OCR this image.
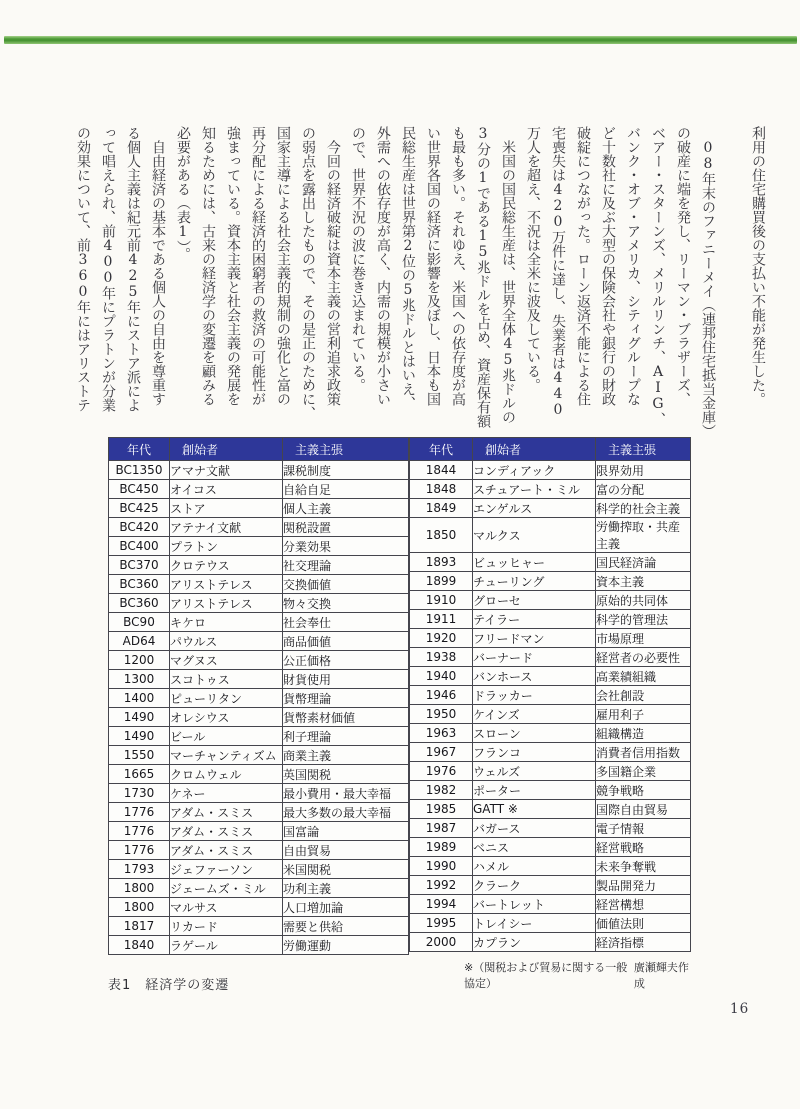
利用の住宅購買後の支払い不能が発生した。
　08年末のファニーメイ（連邦住宅抵当金庫）
の破産に端を発し、リーマン・ブラザーズ、
ベアー・スターンズ、メリルリンチ、AIG、
バンク・オブ・アメリカ、シティグループな
ど十数社に及ぶ大型の保険会社や銀行の財政
破綻につながった。ローン返済不能による住
宅喪失は420万件に達し、失業者は440
万人を超え、不況は全米に波及している。
　米国の国民総生産は、世界全体45兆ドルの
3分の1である15兆ドルを占め、資産保有額
も最も多い。それゆえ、米国への依存度が高
い世界各国の経済に影響を及ぼし、日本も国
民総生産は世界第2位の5兆ドルとはいえ、
外需への依存度が高く、内需の規模が小さい
ので、世界不況の波に巻き込まれている。
　今回の経済破綻は資本主義の営利追求政策
の弱点を露出したもので、その是正のために、
国家主導による社会主義的規制の強化と富の
再分配による経済的困窮者の救済の可能性が
強まっている。資本主義と社会主義の発展を
知るためには、古来の経済学の変遷を顧みる
必要がある（表1）。
　自由経済の基本である個人の自由を尊重す
る個人主義は紀元前425年にストア派によ
って唱えられ、前400年にプラトンが分業
の効果について、前360年にはアリストテ
年代	創始者	主義主張
BC1350	アマナ文献	課税制度
BC450	オイコス	自給自足
BC425	ストア	個人主義
BC420	アテナイ文献	関税設置
BC400	プラトン	分業効果
BC370	クロテウス	社交理論
BC360	アリストテレス	交換価値
BC360	アリストテレス	物々交換
BC90	キケロ	社会奉仕
AD64	パウルス	商品価値
1200	マグヌス	公正価格
1300	スコトゥス	財貨使用
1400	ピューリタン	貨幣理論
1490	オレシウス	貨幣素材価値
1490	ビール	利子理論
1550	マーチャンティズム	商業主義
1665	クロムウェル	英国関税
1730	ケネー	最小費用・最大幸福
1776	アダム・スミス	最大多数の最大幸福
1776	アダム・スミス	国富論
1776	アダム・スミス	自由貿易
1793	ジェファーソン	米国関税
1800	ジェームズ・ミル	功利主義
1800	マルサス	人口増加論
1817	リカード	需要と供給
1840	ラゲール	労働運動
年代	創始者	主義主張
1844	コンディアック	限界効用
1848	スチュアート・ミル	富の分配
1849	エンゲルス	科学的社会主義
1850	マルクス	労働搾取・共産主義
1893	ビュッヒャー	国民経済論
1899	チューリング	資本主義
1910	グローセ	原始的共同体
1911	テイラー	科学的管理法
1920	フリードマン	市場原理
1938	バーナード	経営者の必要性
1940	バンホース	高業績組織
1946	ドラッカー	会社創設
1950	ケインズ	雇用利子
1963	スローン	組織構造
1967	フランコ	消費者信用指数
1976	ウェルズ	多国籍企業
1982	ポーター	競争戦略
1985	GATT ※	国際自由貿易
1987	バガース	電子情報
1989	ベニス	経営戦略
1990	ハメル	未来争奪戦
1992	クラーク	製品開発力
1994	バートレット	経営構想
1995	トレイシー	価値法則
2000	カプラン	経済指標
※（関税および貿易に関する一般協定）
廣瀬輝夫作成
表1　経済学の変遷
16
